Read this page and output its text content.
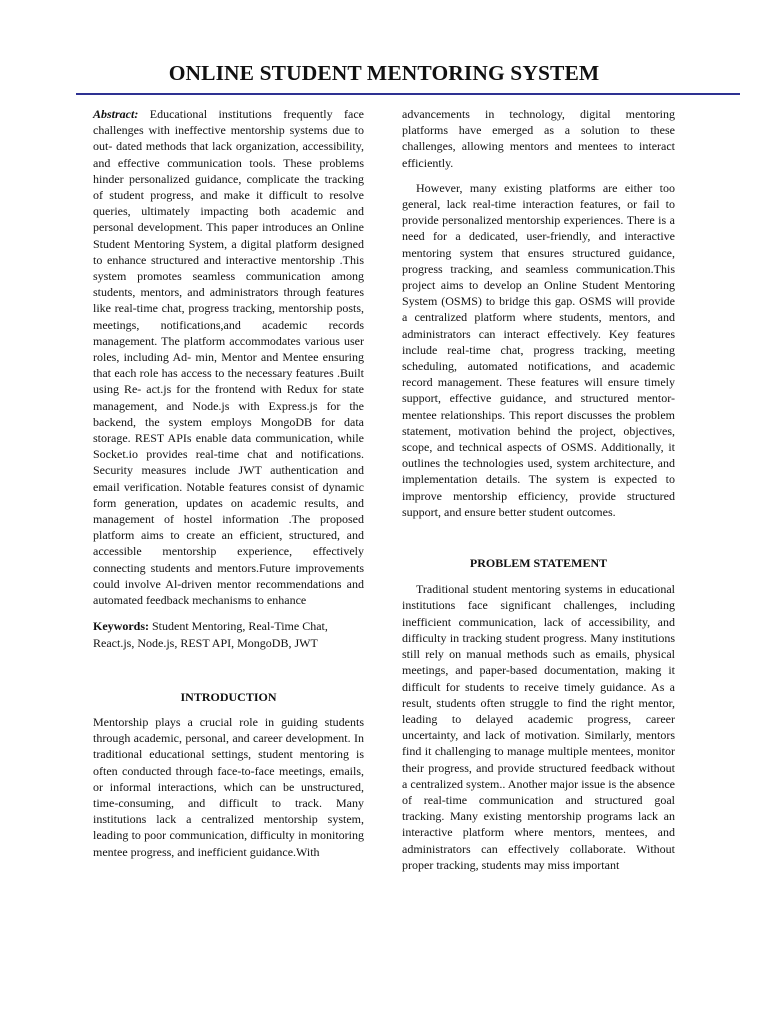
ONLINE STUDENT MENTORING SYSTEM

Abstract: Educational institutions frequently face challenges with ineffective mentorship systems due to out- dated methods that lack organization, accessibility, and effective communication tools. These problems hinder personalized guidance, complicate the tracking of student progress, and make it difficult to resolve queries, ultimately impacting both academic and personal development. This paper introduces an Online Student Mentoring System, a digital platform designed to enhance structured and interactive mentorship .This system promotes seamless communication among students, mentors, and administrators through features like real-time chat, progress tracking, mentorship posts, meetings, notifications,and academic records management. The platform accommodates various user roles, including Ad- min, Mentor and Mentee ensuring that each role has access to the necessary features .Built using Re- act.js for the frontend with Redux for state management, and Node.js with Express.js for the backend, the system employs MongoDB for data storage. REST APIs enable data communication, while Socket.io provides real-time chat and notifications. Security measures include JWT authentication and email verification. Notable features consist of dynamic form generation, updates on academic results, and management of hostel information .The proposed platform aims to create an efficient, structured, and accessible mentorship experience, effectively connecting students and mentors.Future improvements could involve Al-driven mentor recommendations and automated feedback mechanisms to enhance

Keywords: Student Mentoring, Real-Time Chat, React.js, Node.js, REST API, MongoDB, JWT

INTRODUCTION

Mentorship plays a crucial role in guiding students through academic, personal, and career development. In traditional educational settings, student mentoring is often conducted through face-to-face meetings, emails, or informal interactions, which can be unstructured, time-consuming, and difficult to track. Many institutions lack a centralized mentorship system, leading to poor communication, difficulty in monitoring mentee progress, and inefficient guidance.With

advancements in technology, digital mentoring platforms have emerged as a solution to these challenges, allowing mentors and mentees to interact efficiently.

However, many existing platforms are either too general, lack real-time interaction features, or fail to provide personalized mentorship experiences. There is a need for a dedicated, user-friendly, and interactive mentoring system that ensures structured guidance, progress tracking, and seamless communication.This project aims to develop an Online Student Mentoring System (OSMS) to bridge this gap. OSMS will provide a centralized platform where students, mentors, and administrators can interact effectively. Key features include real-time chat, progress tracking, meeting scheduling, automated notifications, and academic record management. These features will ensure timely support, effective guidance, and structured mentor-mentee relationships. This report discusses the problem statement, motivation behind the project, objectives, scope, and technical aspects of OSMS. Additionally, it outlines the technologies used, system architecture, and implementation details. The system is expected to improve mentorship efficiency, provide structured support, and ensure better student outcomes.

PROBLEM STATEMENT

Traditional student mentoring systems in educational institutions face significant challenges, including inefficient communication, lack of accessibility, and difficulty in tracking student progress. Many institutions still rely on manual methods such as emails, physical meetings, and paper-based documentation, making it difficult for students to receive timely guidance. As a result, students often struggle to find the right mentor, leading to delayed academic progress, career uncertainty, and lack of motivation. Similarly, mentors find it challenging to manage multiple mentees, monitor their progress, and provide structured feedback without a centralized system.. Another major issue is the absence of real-time communication and structured goal tracking. Many existing mentorship programs lack an interactive platform where mentors, mentees, and administrators can effectively collaborate. Without proper tracking, students may miss important
